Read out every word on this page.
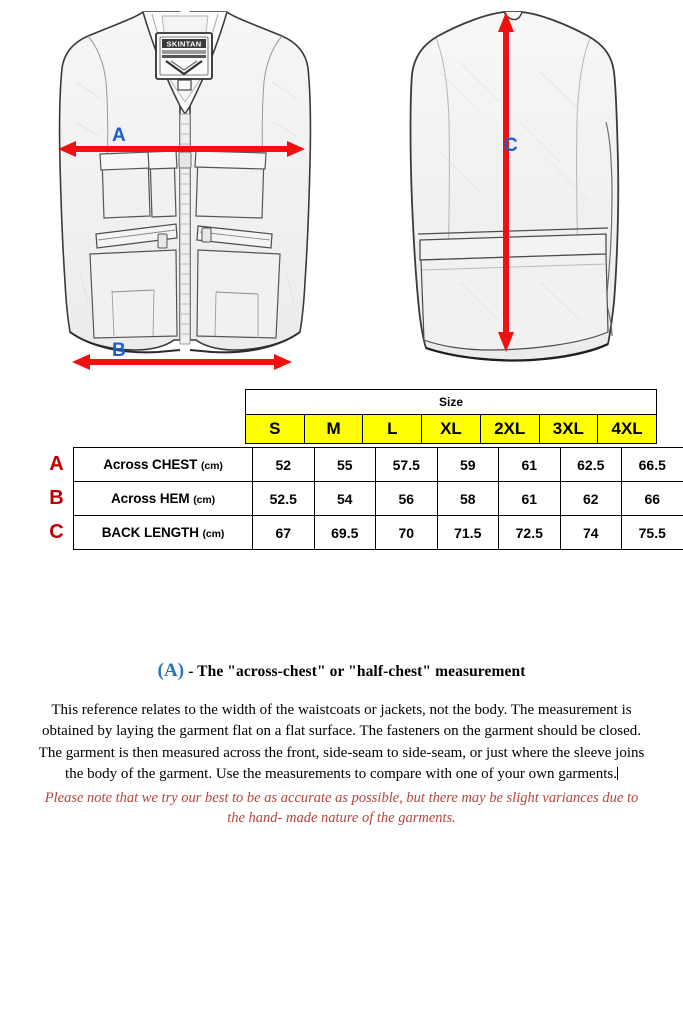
SKINTAN
A
B
C
Size
S	M	L	XL	2XL	3XL	4XL
A	Across CHEST (cm)	52	55	57.5	59	61	62.5	66.5
B	Across HEM (cm)	52.5	54	56	58	61	62	66
C	BACK LENGTH (cm)	67	69.5	70	71.5	72.5	74	75.5
(A) - The "across-chest" or "half-chest" measurement
This reference relates to the width of the waistcoats or jackets, not the body. The measurement is obtained by laying the garment flat on a flat surface. The fasteners on the garment should be closed. The garment is then measured across the front, side-seam to side-seam, or just where the sleeve joins the body of the garment. Use the measurements to compare with one of your own garments.
Please note that we try our best to be as accurate as possible, but there may be slight variances due to the hand- made nature of the garments.
